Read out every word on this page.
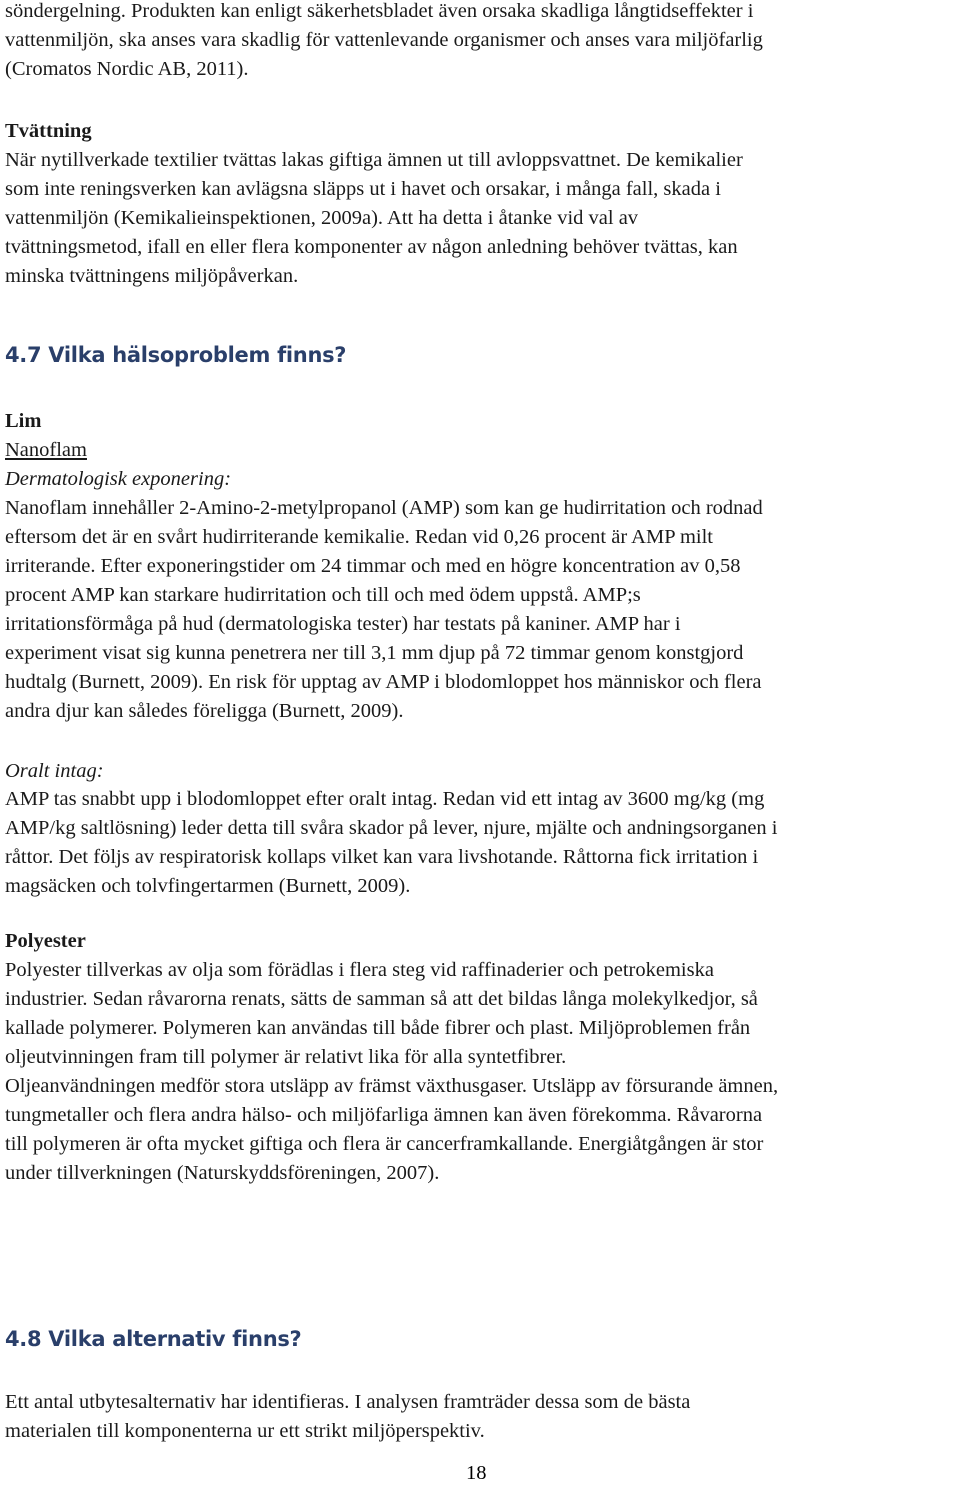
söndergelning. Produkten kan enligt säkerhetsbladet även orsaka skadliga långtidseffekter i
vattenmiljön, ska anses vara skadlig för vattenlevande organismer och anses vara miljöfarlig
(Cromatos Nordic AB, 2011).
Tvättning
När nytillverkade textilier tvättas lakas giftiga ämnen ut till avloppsvattnet. De kemikalier
som inte reningsverken kan avlägsna släpps ut i havet och orsakar, i många fall, skada i
vattenmiljön (Kemikalieinspektionen, 2009a). Att ha detta i åtanke vid val av
tvättningsmetod, ifall en eller flera komponenter av någon anledning behöver tvättas, kan
minska tvättningens miljöpåverkan.
4.7 Vilka hälsoproblem finns?
Lim
Nanoflam
Dermatologisk exponering:
Nanoflam innehåller 2-Amino-2-metylpropanol (AMP) som kan ge hudirritation och rodnad
eftersom det är en svårt hudirriterande kemikalie. Redan vid 0,26 procent är AMP milt
irriterande. Efter exponeringstider om 24 timmar och med en högre koncentration av 0,58
procent AMP kan starkare hudirritation och till och med ödem uppstå. AMP;s
irritationsförmåga på hud (dermatologiska tester) har testats på kaniner. AMP har i
experiment visat sig kunna penetrera ner till 3,1 mm djup på 72 timmar genom konstgjord
hudtalg (Burnett, 2009). En risk för upptag av AMP i blodomloppet hos människor och flera
andra djur kan således föreligga (Burnett, 2009).
Oralt intag:
AMP tas snabbt upp i blodomloppet efter oralt intag. Redan vid ett intag av 3600 mg/kg (mg
AMP/kg saltlösning) leder detta till svåra skador på lever, njure, mjälte och andningsorganen i
råttor. Det följs av respiratorisk kollaps vilket kan vara livshotande. Råttorna fick irritation i
magsäcken och tolvfingertarmen (Burnett, 2009).
Polyester
Polyester tillverkas av olja som förädlas i flera steg vid raffinaderier och petrokemiska
industrier. Sedan råvarorna renats, sätts de samman så att det bildas långa molekylkedjor, så
kallade polymerer. Polymeren kan användas till både fibrer och plast. Miljöproblemen från
oljeutvinningen fram till polymer är relativt lika för alla syntetfibrer.
Oljeanvändningen medför stora utsläpp av främst växthusgaser. Utsläpp av försurande ämnen,
tungmetaller och flera andra hälso- och miljöfarliga ämnen kan även förekomma. Råvarorna
till polymeren är ofta mycket giftiga och flera är cancerframkallande. Energiåtgången är stor
under tillverkningen (Naturskyddsföreningen, 2007).
4.8 Vilka alternativ finns?
Ett antal utbytesalternativ har identifieras. I analysen framträder dessa som de bästa
materialen till komponenterna ur ett strikt miljöperspektiv.
18
